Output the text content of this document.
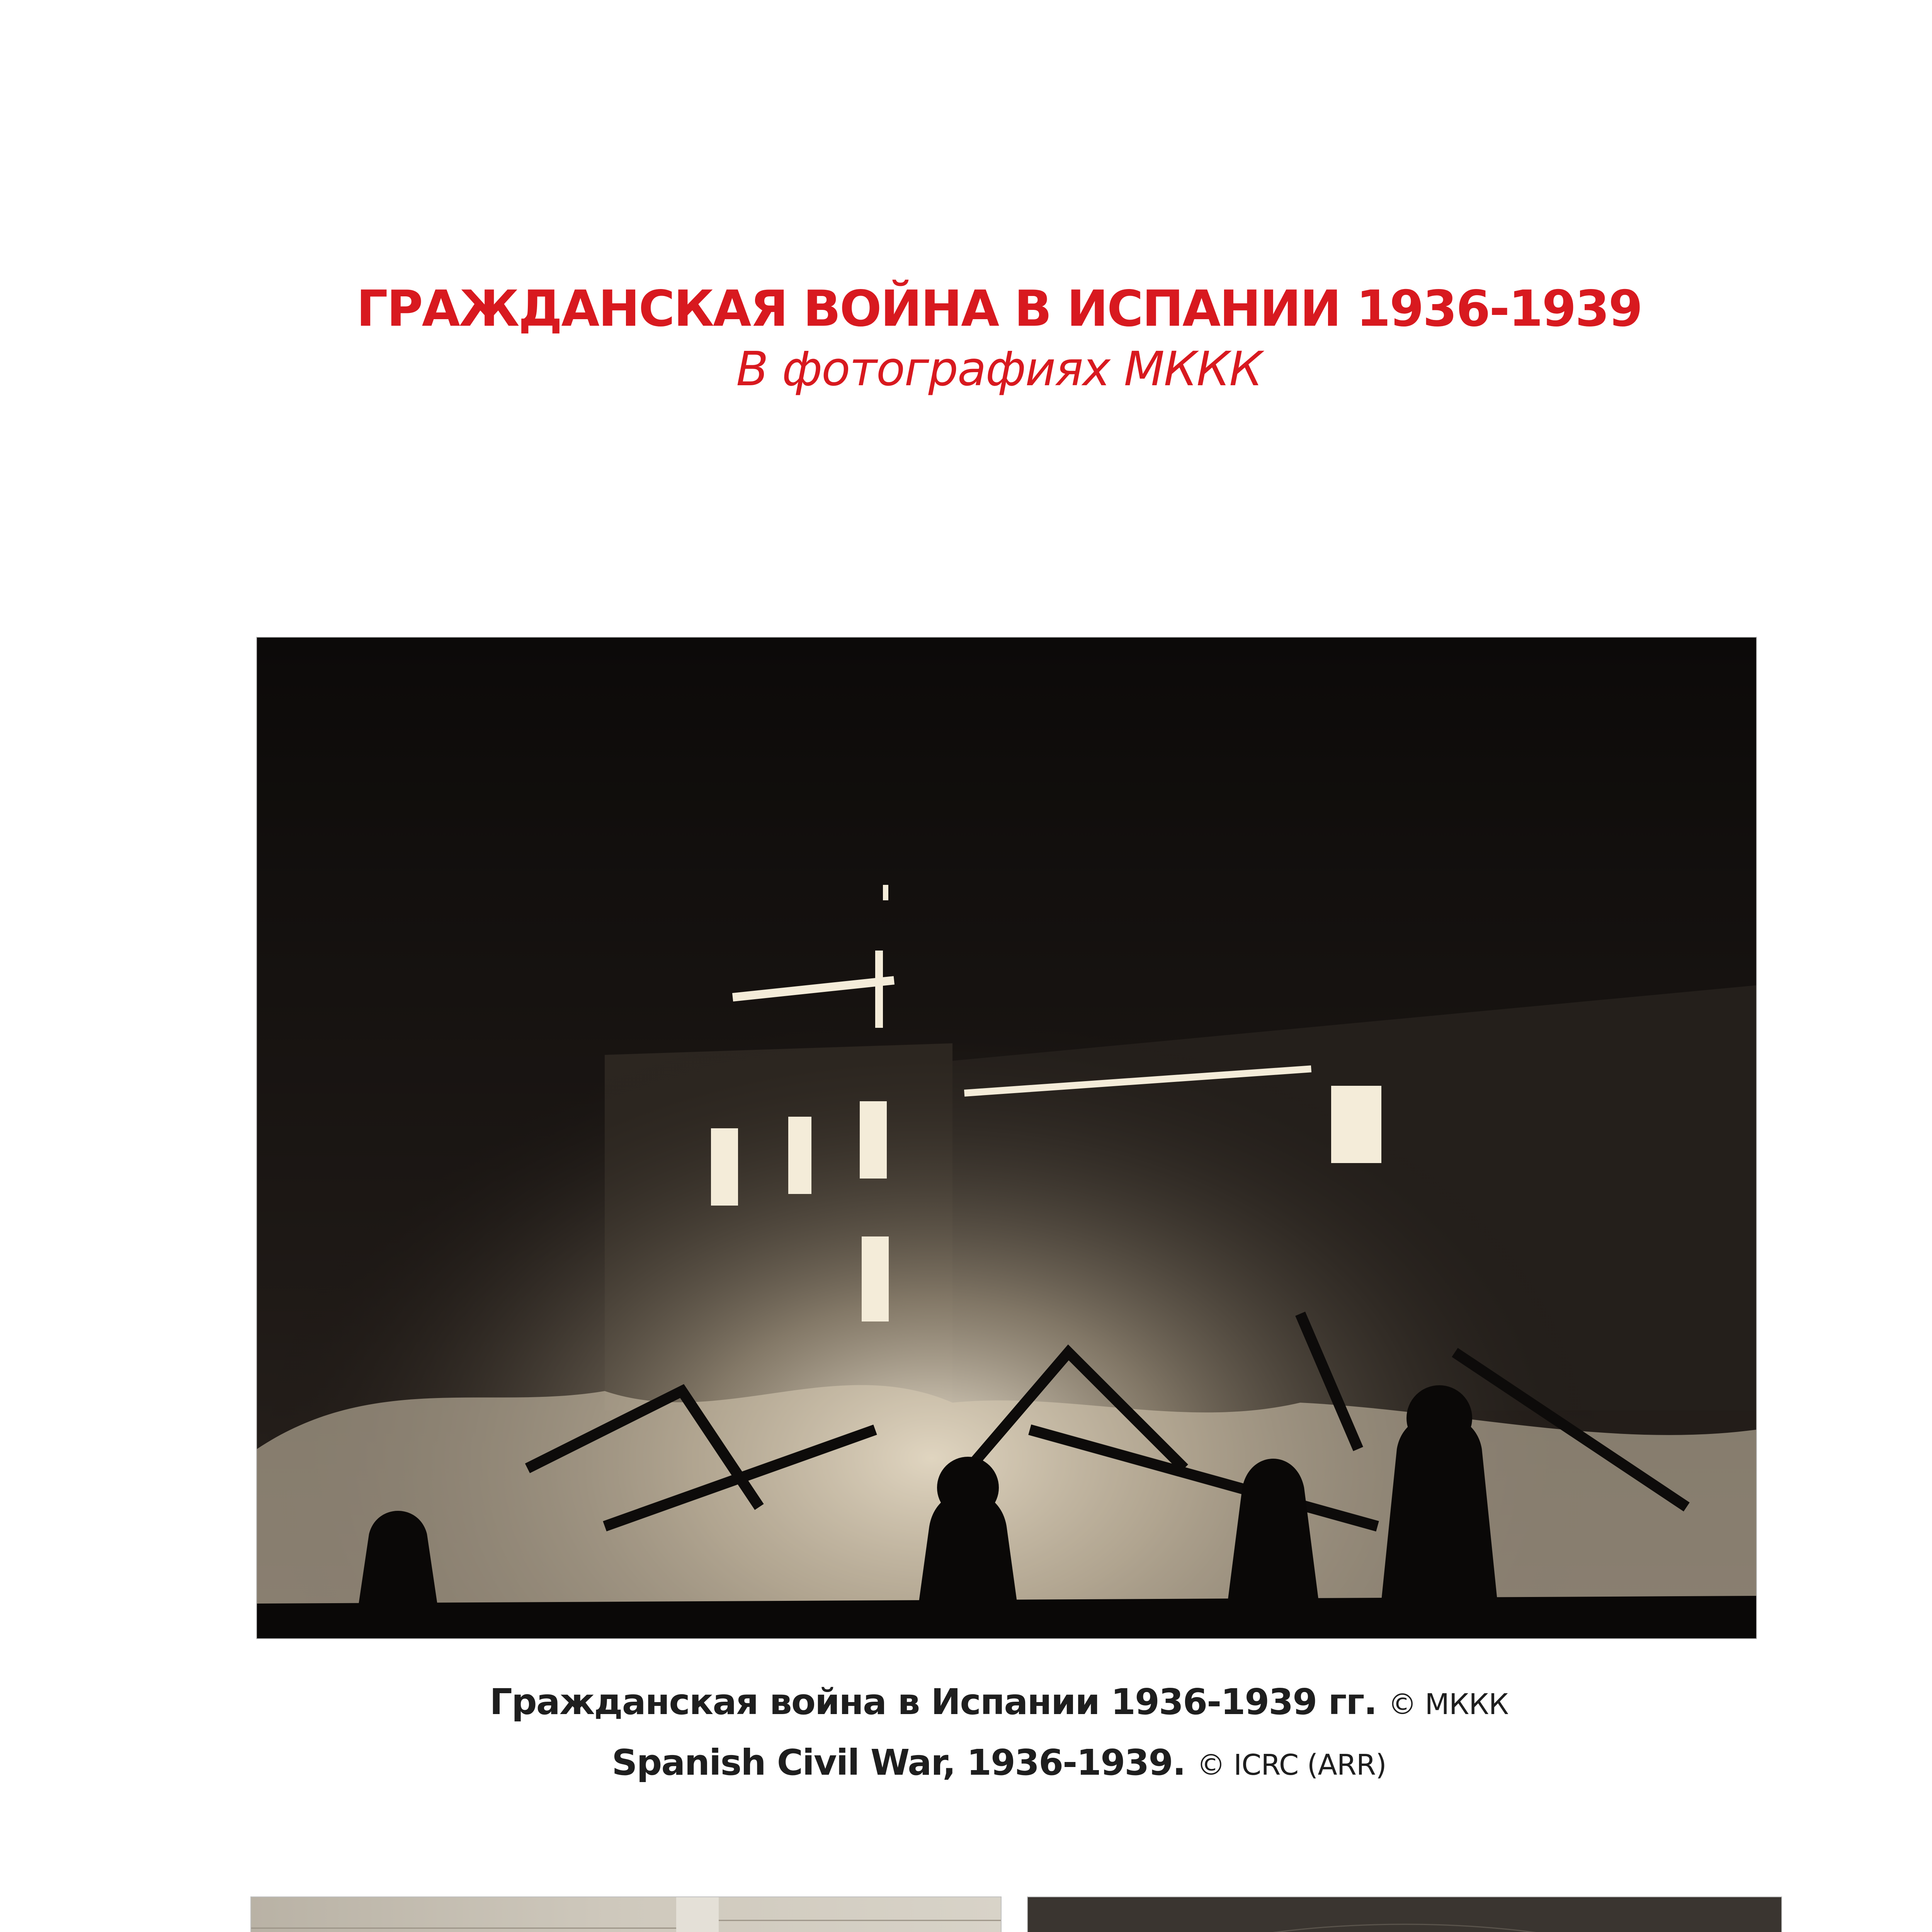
ГРАЖДАНСКАЯ ВОЙНА В ИСПАНИИ 1936-1939
В фотографиях МККК
Гражданская война в Испании 1936-1939 гг. © МККК
Spanish Civil War, 1936-1939. © ICRC (ARR)
